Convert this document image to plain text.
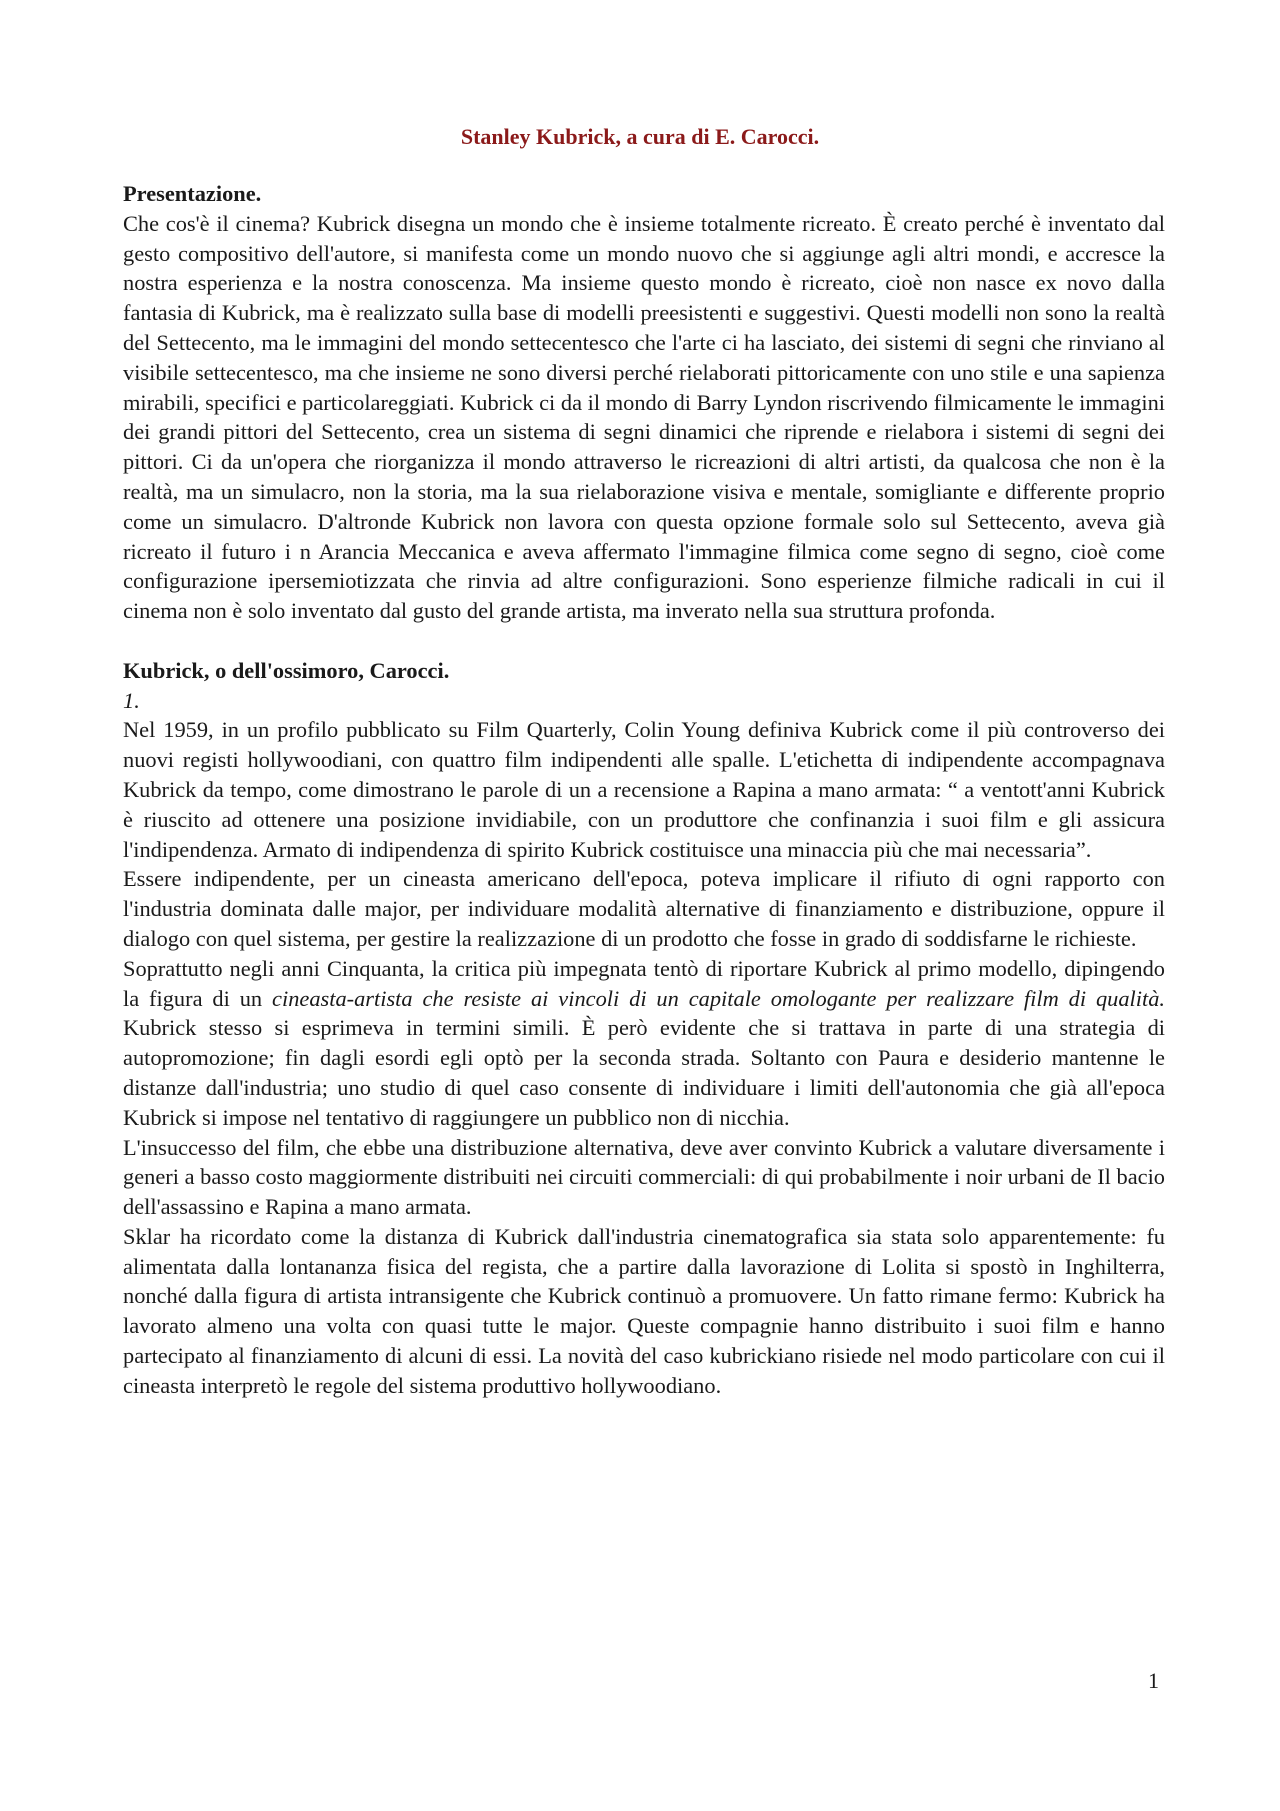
Stanley Kubrick, a cura di E. Carocci.

Presentazione.

Che cos'è il cinema? Kubrick disegna un mondo che è insieme totalmente ricreato. È creato perché è inventato dal gesto compositivo dell'autore, si manifesta come un mondo nuovo che si aggiunge agli altri mondi, e accresce la nostra esperienza e la nostra conoscenza. Ma insieme questo mondo è ricreato, cioè non nasce ex novo dalla fantasia di Kubrick, ma è realizzato sulla base di modelli preesistenti e suggestivi. Questi modelli non sono la realtà del Settecento, ma le immagini del mondo settecentesco che l'arte ci ha lasciato, dei sistemi di segni che rinviano al visibile settecentesco, ma che insieme ne sono diversi perché rielaborati pittoricamente con uno stile e una sapienza mirabili, specifici e particolareggiati. Kubrick ci da il mondo di Barry Lyndon riscrivendo filmicamente le immagini dei grandi pittori del Settecento, crea un sistema di segni dinamici che riprende e rielabora i sistemi di segni dei pittori. Ci da un'opera che riorganizza il mondo attraverso le ricreazioni di altri artisti, da qualcosa che non è la realtà, ma un simulacro, non la storia, ma la sua rielaborazione visiva e mentale, somigliante e differente proprio come un simulacro. D'altronde Kubrick non lavora con questa opzione formale solo sul Settecento, aveva già ricreato il futuro i n Arancia Meccanica e aveva affermato l'immagine filmica come segno di segno, cioè come configurazione ipersemiotizzata che rinvia ad altre configurazioni. Sono esperienze filmiche radicali in cui il cinema non è solo inventato dal gusto del grande artista, ma inverato nella sua struttura profonda.

Kubrick, o dell'ossimoro, Carocci.

1.

Nel 1959, in un profilo pubblicato su Film Quarterly, Colin Young definiva Kubrick come il più controverso dei nuovi registi hollywoodiani, con quattro film indipendenti alle spalle. L'etichetta di indipendente accompagnava Kubrick da tempo, come dimostrano le parole di un a recensione a Rapina a mano armata: “ a ventott'anni Kubrick è riuscito ad ottenere una posizione invidiabile, con un produttore che confinanzia i suoi film e gli assicura l'indipendenza. Armato di indipendenza di spirito Kubrick costituisce una minaccia più che mai necessaria”.

Essere indipendente, per un cineasta americano dell'epoca, poteva implicare il rifiuto di ogni rapporto con l'industria dominata dalle major, per individuare modalità alternative di finanziamento e distribuzione, oppure il dialogo con quel sistema, per gestire la realizzazione di un prodotto che fosse in grado di soddisfarne le richieste.

Soprattutto negli anni Cinquanta, la critica più impegnata tentò di riportare Kubrick al primo modello, dipingendo la figura di un cineasta-artista che resiste ai vincoli di un capitale omologante per realizzare film di qualità. Kubrick stesso si esprimeva in termini simili. È però evidente che si trattava in parte di una strategia di autopromozione; fin dagli esordi egli optò per la seconda strada. Soltanto con Paura e desiderio mantenne le distanze dall'industria; uno studio di quel caso consente di individuare i limiti dell'autonomia che già all'epoca Kubrick si impose nel tentativo di raggiungere un pubblico non di nicchia.

L'insuccesso del film, che ebbe una distribuzione alternativa, deve aver convinto Kubrick a valutare diversamente i generi a basso costo maggiormente distribuiti nei circuiti commerciali: di qui probabilmente i noir urbani de Il bacio dell'assassino e Rapina a mano armata.

Sklar ha ricordato come la distanza di Kubrick dall'industria cinematografica sia stata solo apparentemente: fu alimentata dalla lontananza fisica del regista, che a partire dalla lavorazione di Lolita si spostò in Inghilterra, nonché dalla figura di artista intransigente che Kubrick continuò a promuovere. Un fatto rimane fermo: Kubrick ha lavorato almeno una volta con quasi tutte le major. Queste compagnie hanno distribuito i suoi film e hanno partecipato al finanziamento di alcuni di essi. La novità del caso kubrickiano risiede nel modo particolare con cui il cineasta interpretò le regole del sistema produttivo hollywoodiano.

1
